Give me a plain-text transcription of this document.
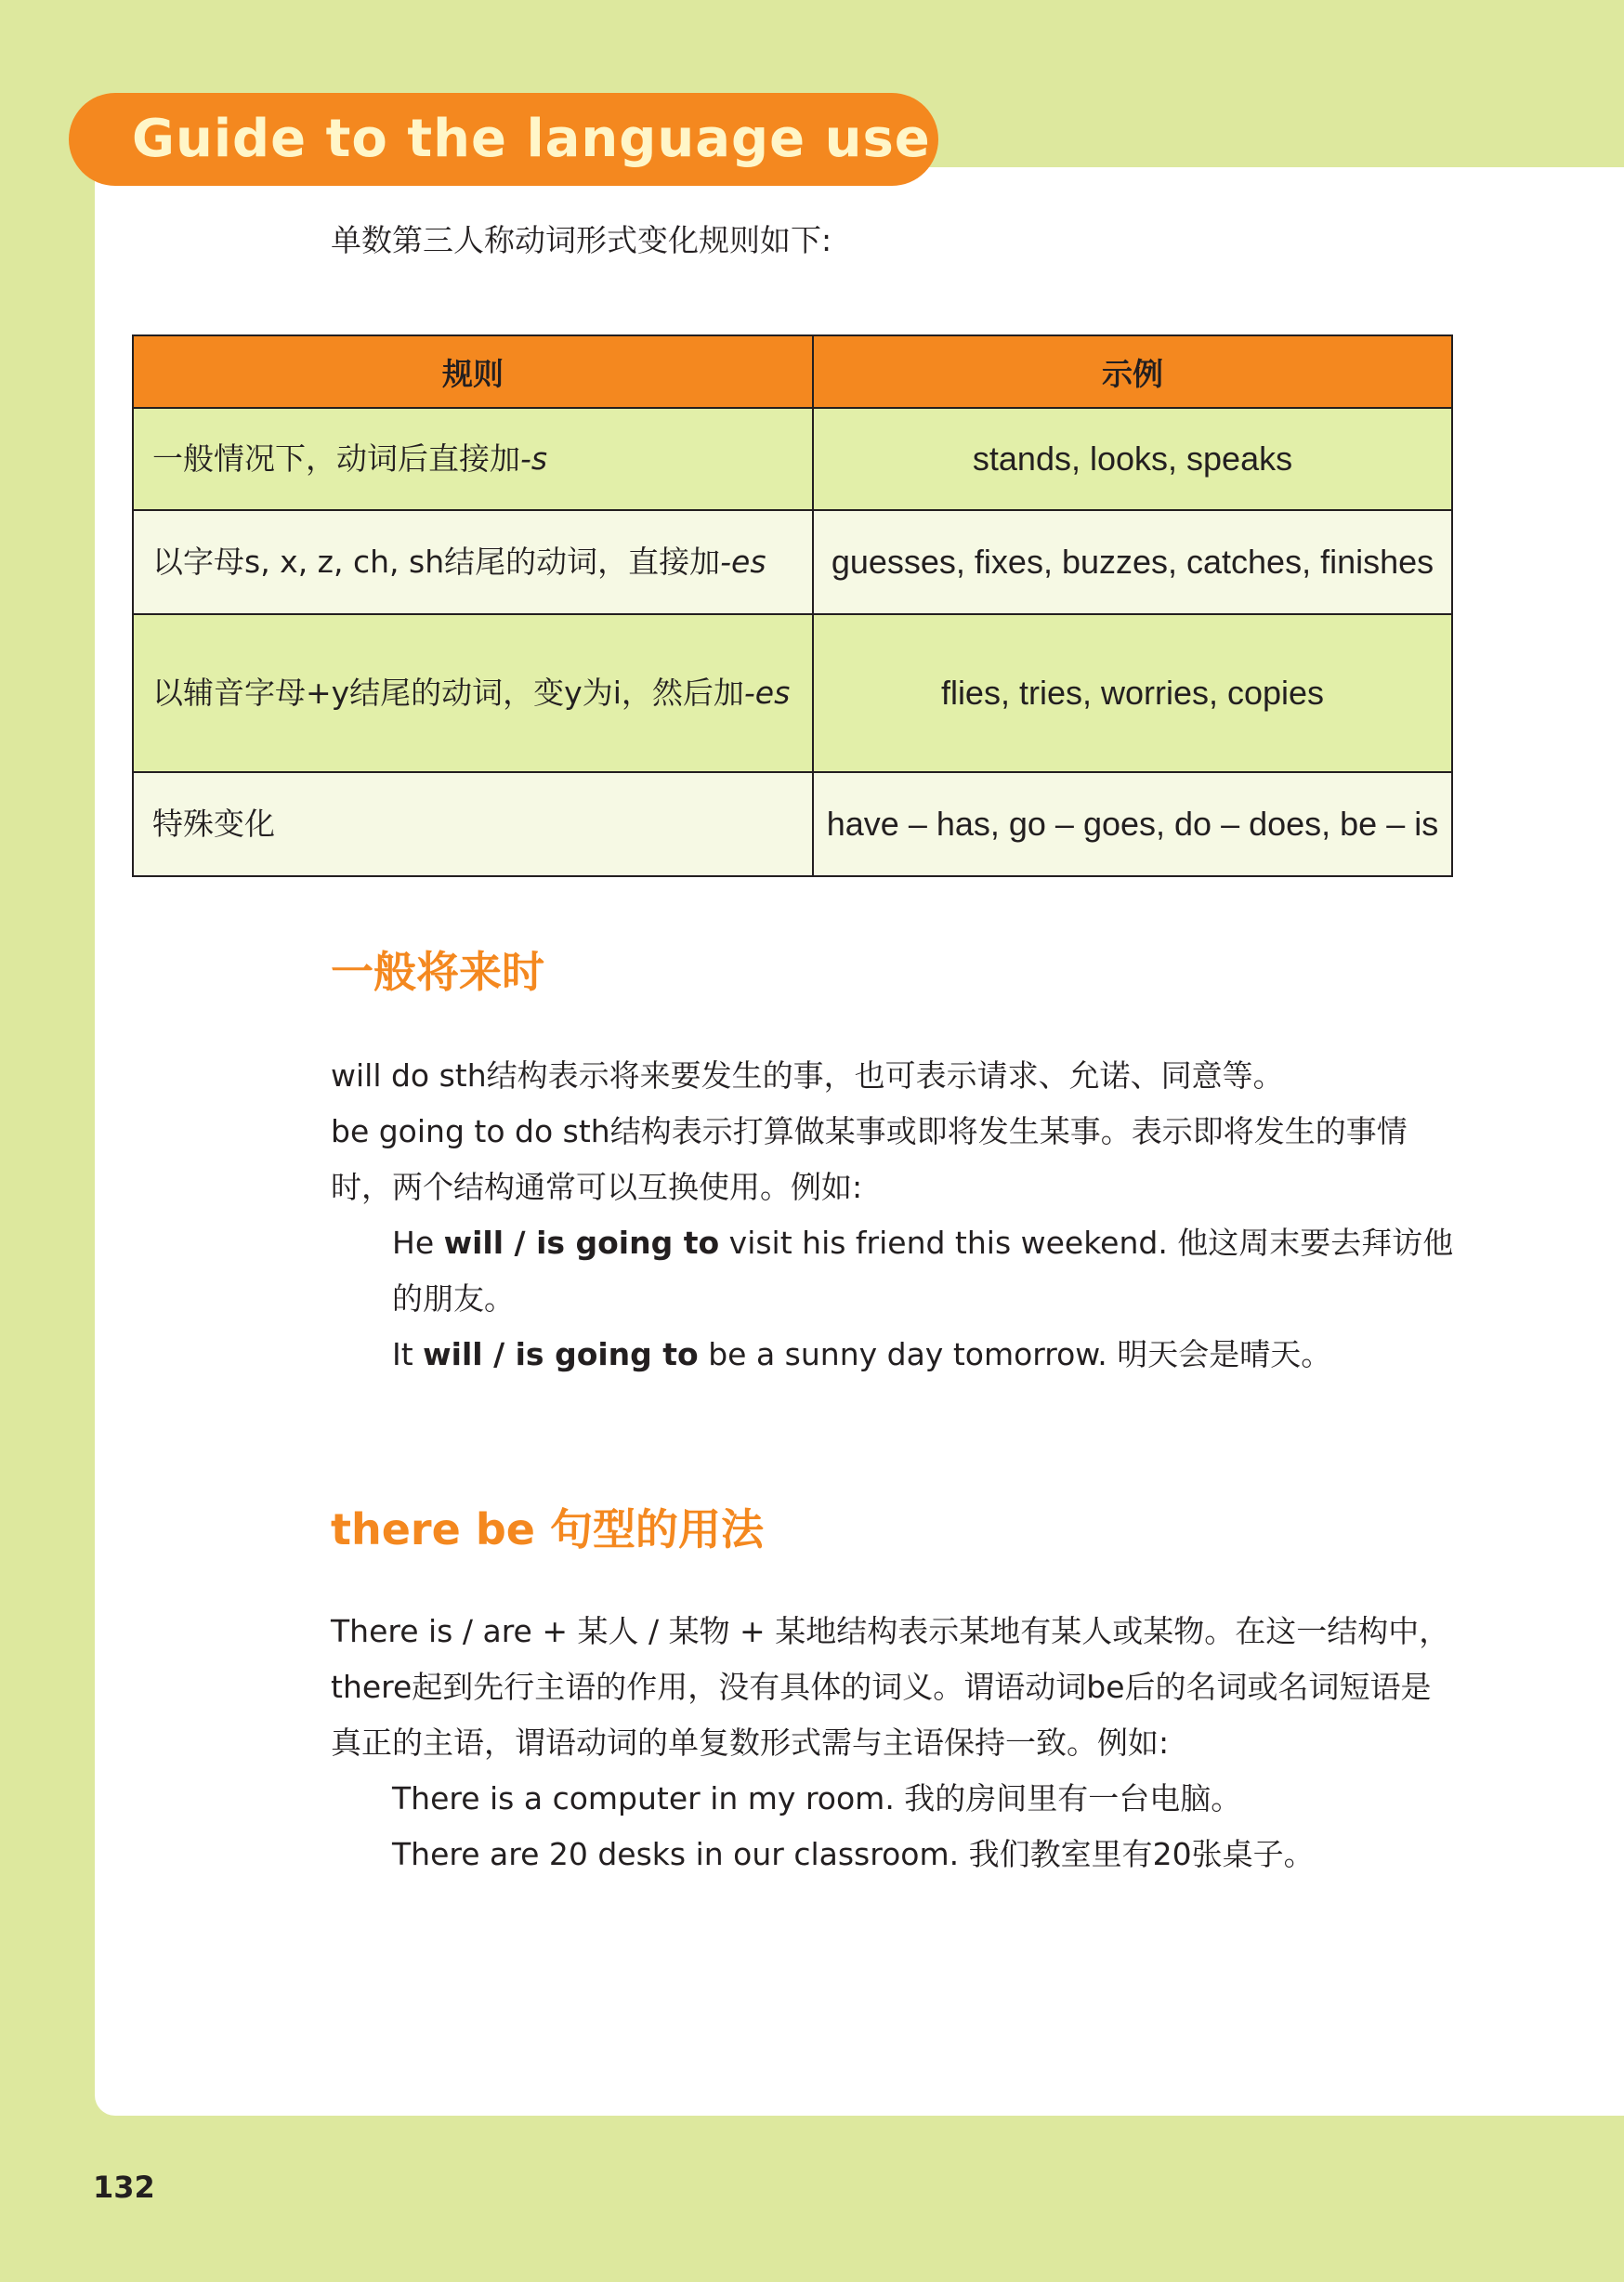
Guide to the language use
单数第三人称动词形式变化规则如下:
规则	示例
一般情况下，动词后直接加-s	stands, looks, speaks
以字母s, x, z, ch, sh结尾的动词，直接加-es	guesses, fixes, buzzes, catches, finishes
以辅音字母+y结尾的动词，变y为i，然后加-es	flies, tries, worries, copies
特殊变化	have – has, go – goes, do – does, be – is
一般将来时

will do sth结构表示将来要发生的事，也可表示请求、允诺、同意等。

be going to do sth结构表示打算做某事或即将发生某事。表示即将发生的事情时，两个结构通常可以互换使用。例如:

He will / is going to visit his friend this weekend. 他这周末要去拜访他的朋友。

It will / is going to be a sunny day tomorrow. 明天会是晴天。

there be 句型的用法

There is / are + 某人 / 某物 + 某地结构表示某地有某人或某物。在这一结构中，there起到先行主语的作用，没有具体的词义。谓语动词be后的名词或名词短语是真正的主语，谓语动词的单复数形式需与主语保持一致。例如:

There is a computer in my room. 我的房间里有一台电脑。

There are 20 desks in our classroom. 我们教室里有20张桌子。

132
